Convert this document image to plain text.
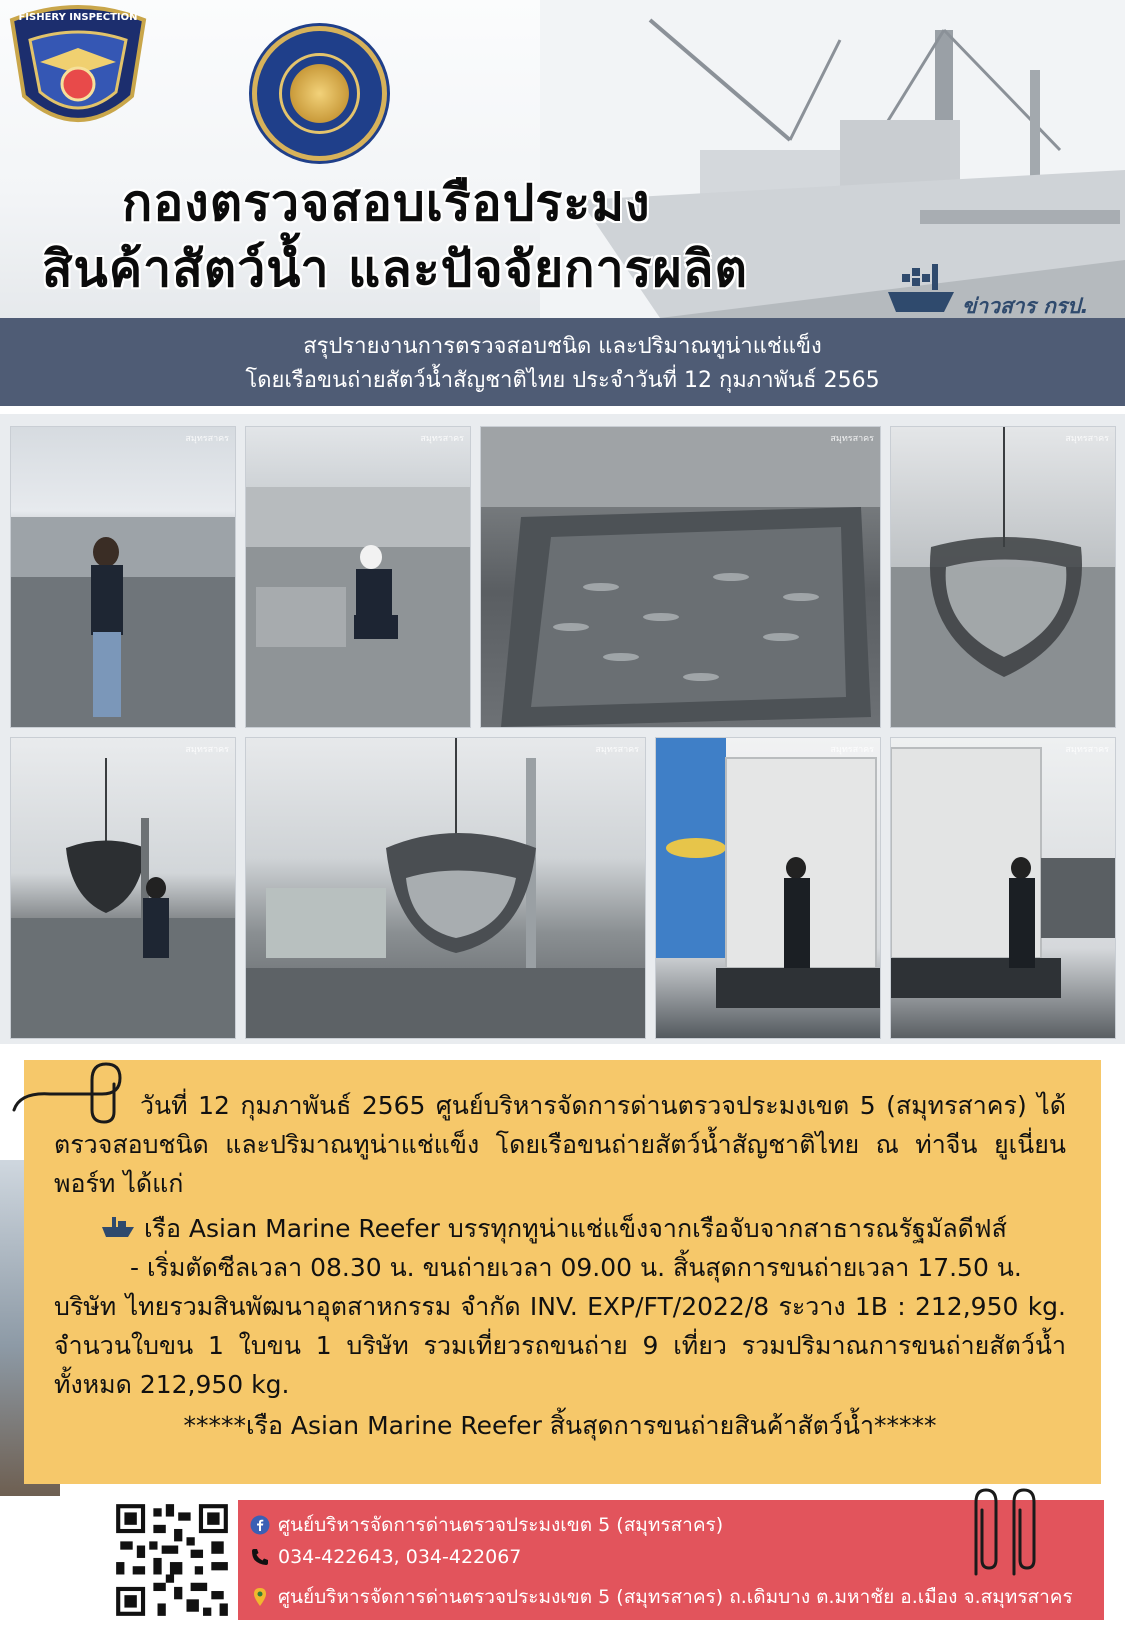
FISHERY INSPECTION
กองตรวจสอบเรือประมง
สินค้าสัตว์น้ำ และปัจจัยการผลิต
ข่าวสาร กรป.
สรุปรายงานการตรวจสอบชนิด และปริมาณทูน่าแช่แข็ง
โดยเรือขนถ่ายสัตว์น้ำสัญชาติไทย ประจำวันที่ 12 กุมภาพันธ์ 2565
สมุทรสาคร	สมุทรสาคร	สมุทรสาคร	สมุทรสาคร
สมุทรสาคร	สมุทรสาคร	สมุทรสาคร	สมุทรสาคร
วันที่ 12 กุมภาพันธ์ 2565 ศูนย์บริหารจัดการด่านตรวจประมงเขต 5 (สมุทรสาคร) ได้ตรวจสอบชนิด และปริมาณทูน่าแช่แข็ง โดยเรือขนถ่ายสัตว์น้ำสัญชาติไทย ณ ท่าจีน ยูเนี่ยน พอร์ท ได้แก่
เรือ Asian Marine Reefer บรรทุกทูน่าแช่แข็งจากเรือจับจากสาธารณรัฐมัลดีฟส์
- เริ่มตัดซีลเวลา 08.30 น. ขนถ่ายเวลา 09.00 น. สิ้นสุดการขนถ่ายเวลา 17.50 น.
บริษัท ไทยรวมสินพัฒนาอุตสาหกรรม จำกัด INV. EXP/FT/2022/8 ระวาง 1B : 212,950 kg. จำนวนใบขน 1 ใบขน 1 บริษัท รวมเที่ยวรถขนถ่าย 9 เที่ยว รวมปริมาณการขนถ่ายสัตว์น้ำทั้งหมด 212,950 kg.
*****เรือ Asian Marine Reefer สิ้นสุดการขนถ่ายสินค้าสัตว์น้ำ*****
ศูนย์บริหารจัดการด่านตรวจประมงเขต 5 (สมุทรสาคร)
034-422643, 034-422067
ศูนย์บริหารจัดการด่านตรวจประมงเขต 5 (สมุทรสาคร) ถ.เดิมบาง ต.มหาชัย อ.เมือง จ.สมุทรสาคร
